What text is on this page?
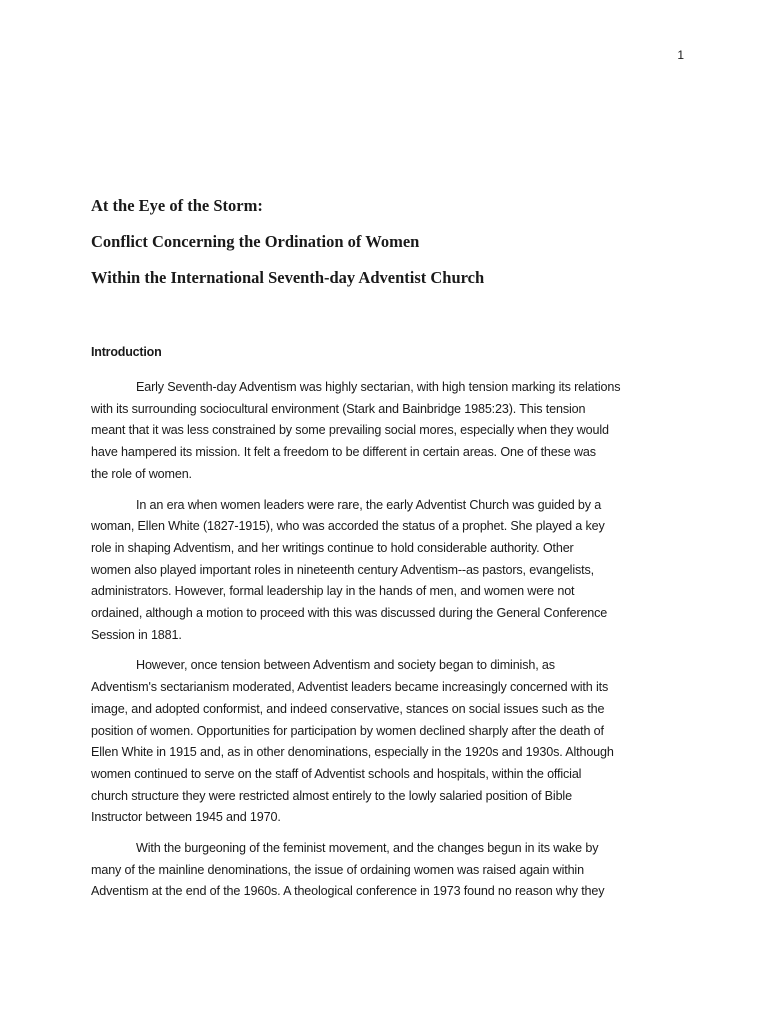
1
At the Eye of the Storm:
Conflict Concerning the Ordination of Women
Within the International Seventh-day Adventist Church
Introduction
Early Seventh-day Adventism was highly sectarian, with high tension marking its relations
with its surrounding sociocultural environment (Stark and Bainbridge 1985:23). This tension
meant that it was less constrained by some prevailing social mores, especially when they would
have hampered its mission. It felt a freedom to be different in certain areas. One of these was
the role of women.
In an era when women leaders were rare, the early Adventist Church was guided by a
woman, Ellen White (1827-1915), who was accorded the status of a prophet. She played a key
role in shaping Adventism, and her writings continue to hold considerable authority. Other
women also played important roles in nineteenth century Adventism--as pastors, evangelists,
administrators. However, formal leadership lay in the hands of men, and women were not
ordained, although a motion to proceed with this was discussed during the General Conference
Session in 1881.
However, once tension between Adventism and society began to diminish, as
Adventism's sectarianism moderated, Adventist leaders became increasingly concerned with its
image, and adopted conformist, and indeed conservative, stances on social issues such as the
position of women. Opportunities for participation by women declined sharply after the death of
Ellen White in 1915 and, as in other denominations, especially in the 1920s and 1930s. Although
women continued to serve on the staff of Adventist schools and hospitals, within the official
church structure they were restricted almost entirely to the lowly salaried position of Bible
Instructor between 1945 and 1970.
With the burgeoning of the feminist movement, and the changes begun in its wake by
many of the mainline denominations, the issue of ordaining women was raised again within
Adventism at the end of the 1960s. A theological conference in 1973 found no reason why they
